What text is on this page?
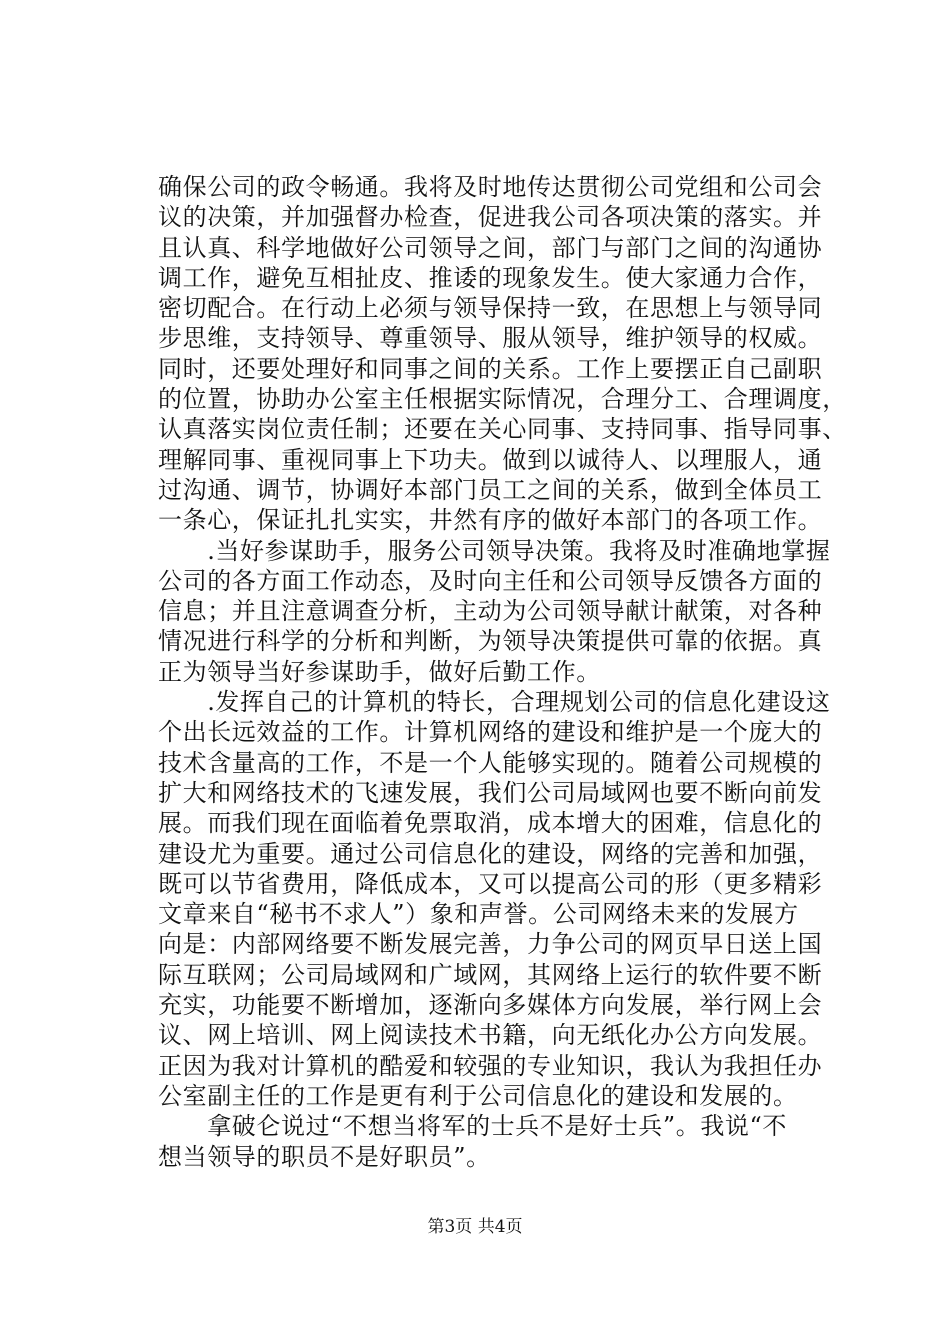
确保公司的政令畅通。我将及时地传达贯彻公司党组和公司会
议的决策，并加强督办检查，促进我公司各项决策的落实。并
且认真、科学地做好公司领导之间，部门与部门之间的沟通协
调工作，避免互相扯皮、推诿的现象发生。使大家通力合作，
密切配合。在行动上必须与领导保持一致，在思想上与领导同
步思维，支持领导、尊重领导、服从领导，维护领导的权威。
同时，还要处理好和同事之间的关系。工作上要摆正自己副职
的位置，协助办公室主任根据实际情况，合理分工、合理调度，
认真落实岗位责任制；还要在关心同事、支持同事、指导同事、
理解同事、重视同事上下功夫。做到以诚待人、以理服人，通
过沟通、调节，协调好本部门员工之间的关系，做到全体员工
一条心，保证扎扎实实，井然有序的做好本部门的各项工作。
　　.当好参谋助手，服务公司领导决策。我将及时准确地掌握
公司的各方面工作动态，及时向主任和公司领导反馈各方面的
信息；并且注意调查分析，主动为公司领导献计献策，对各种
情况进行科学的分析和判断，为领导决策提供可靠的依据。真
正为领导当好参谋助手，做好后勤工作。
　　.发挥自己的计算机的特长，合理规划公司的信息化建设这
个出长远效益的工作。计算机网络的建设和维护是一个庞大的
技术含量高的工作，不是一个人能够实现的。随着公司规模的
扩大和网络技术的飞速发展，我们公司局域网也要不断向前发
展。而我们现在面临着免票取消，成本增大的困难，信息化的
建设尤为重要。通过公司信息化的建设，网络的完善和加强，
既可以节省费用，降低成本，又可以提高公司的形（更多精彩
文章来自“秘书不求人”）象和声誉。公司网络未来的发展方
向是：内部网络要不断发展完善，力争公司的网页早日送上国
际互联网；公司局域网和广域网，其网络上运行的软件要不断
充实，功能要不断增加，逐渐向多媒体方向发展，举行网上会
议、网上培训、网上阅读技术书籍，向无纸化办公方向发展。
正因为我对计算机的酷爱和较强的专业知识，我认为我担任办
公室副主任的工作是更有利于公司信息化的建设和发展的。
　　拿破仑说过“不想当将军的士兵不是好士兵”。我说“不
想当领导的职员不是好职员”。
第3页 共4页
